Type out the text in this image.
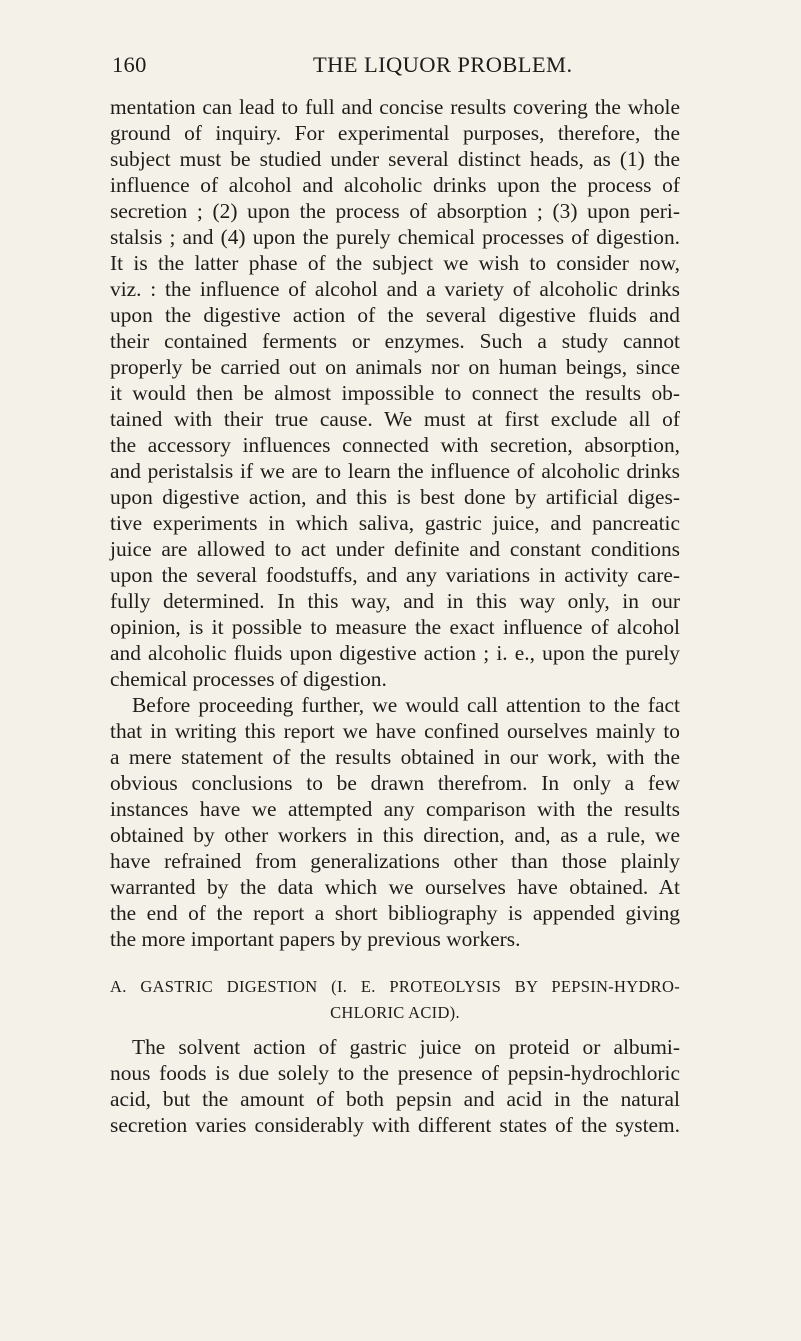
160	THE LIQUOR PROBLEM.
mentation can lead to full and concise results covering the whole
ground of inquiry. For experimental purposes, therefore, the
subject must be studied under several distinct heads, as (1) the
influence of alcohol and alcoholic drinks upon the process of
secretion ; (2) upon the process of absorption ; (3) upon peri-
stalsis ; and (4) upon the purely chemical processes of digestion.
It is the latter phase of the subject we wish to consider now,
viz. : the influence of alcohol and a variety of alcoholic drinks
upon the digestive action of the several digestive fluids and
their contained ferments or enzymes. Such a study cannot
properly be carried out on animals nor on human beings, since
it would then be almost impossible to connect the results ob-
tained with their true cause. We must at first exclude all of
the accessory influences connected with secretion, absorption,
and peristalsis if we are to learn the influence of alcoholic drinks
upon digestive action, and this is best done by artificial diges-
tive experiments in which saliva, gastric juice, and pancreatic
juice are allowed to act under definite and constant conditions
upon the several foodstuffs, and any variations in activity care-
fully determined. In this way, and in this way only, in our
opinion, is it possible to measure the exact influence of alcohol
and alcoholic fluids upon digestive action ; i. e., upon the purely
chemical processes of digestion.
Before proceeding further, we would call attention to the fact
that in writing this report we have confined ourselves mainly to
a mere statement of the results obtained in our work, with the
obvious conclusions to be drawn therefrom. In only a few
instances have we attempted any comparison with the results
obtained by other workers in this direction, and, as a rule, we
have refrained from generalizations other than those plainly
warranted by the data which we ourselves have obtained. At
the end of the report a short bibliography is appended giving
the more important papers by previous workers.
A. GASTRIC DIGESTION (I. E. PROTEOLYSIS BY PEPSIN-HYDRO-
CHLORIC ACID).
The solvent action of gastric juice on proteid or albumi-
nous foods is due solely to the presence of pepsin-hydrochloric
acid, but the amount of both pepsin and acid in the natural
secretion varies considerably with different states of the system.
